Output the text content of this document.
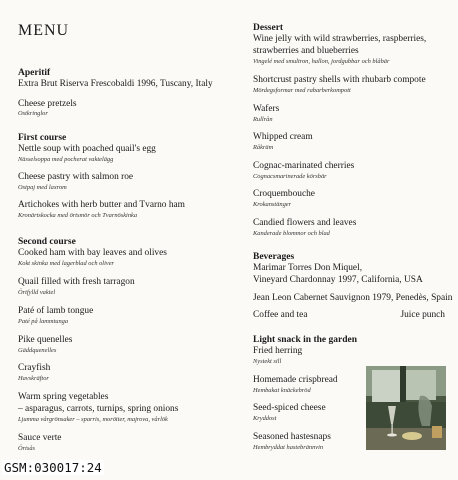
MENU
Aperitif
Extra Brut Riserva Frescobaldi 1996, Tuscany, Italy
Cheese pretzels
Ostkringlor
First course
Nettle soup with poached quail's egg
Nässelsoppa med pocherat vaktelägg
Cheese pastry with salmon roe
Ostpaj med laxrom
Artichokes with herb butter and Tvarno ham
Kronärtskocka med örtsmör och Tvarnöskinka
Second course
Cooked ham with bay leaves and olives
Kokt skinka med lagerblad och oliver
Quail filled with fresh tarragon
Örtfylld vaktel
Paté of lamb tongue
Paté på lammtunga
Pike quenelles
Gäddquenelles
Crayfish
Havskräftor
Warm spring vegetables
– asparagus, carrots, turnips, spring onions
Ljumma vårgrönsaker – sparris, morötter, majrova, vårlök
Sauce verte
Örtsås
Dessert
Wine jelly with wild strawberries, raspberries,
strawberries and blueberries
Vingelé med smultron, hallon, jordgubbar och blåbär
Shortcrust pastry shells with rhubarb compote
Mördegsformar med rabarberkompott
Wafers
Rullrån
Whipped cream
Råkräm
Cognac-marinated cherries
Cognacsmarinerade körsbär
Croquembouche
Krokanstänger
Candied flowers and leaves
Kanderade blommor och blad
Beverages
Marimar Torres Don Miquel,
Vineyard Chardonnay 1997, California, USA
Jean Leon Cabernet Sauvignon 1979, Penedès, Spain
Coffee and tea	Juice punch
Light snack in the garden
Fried herring
Nystekt sill
Homemade crispbread
Hembakat knäckebröd
Seed-spiced cheese
Kryddost
Seasoned hastesnaps
Hembryddat hastebrännvin
GSM:030017:24
